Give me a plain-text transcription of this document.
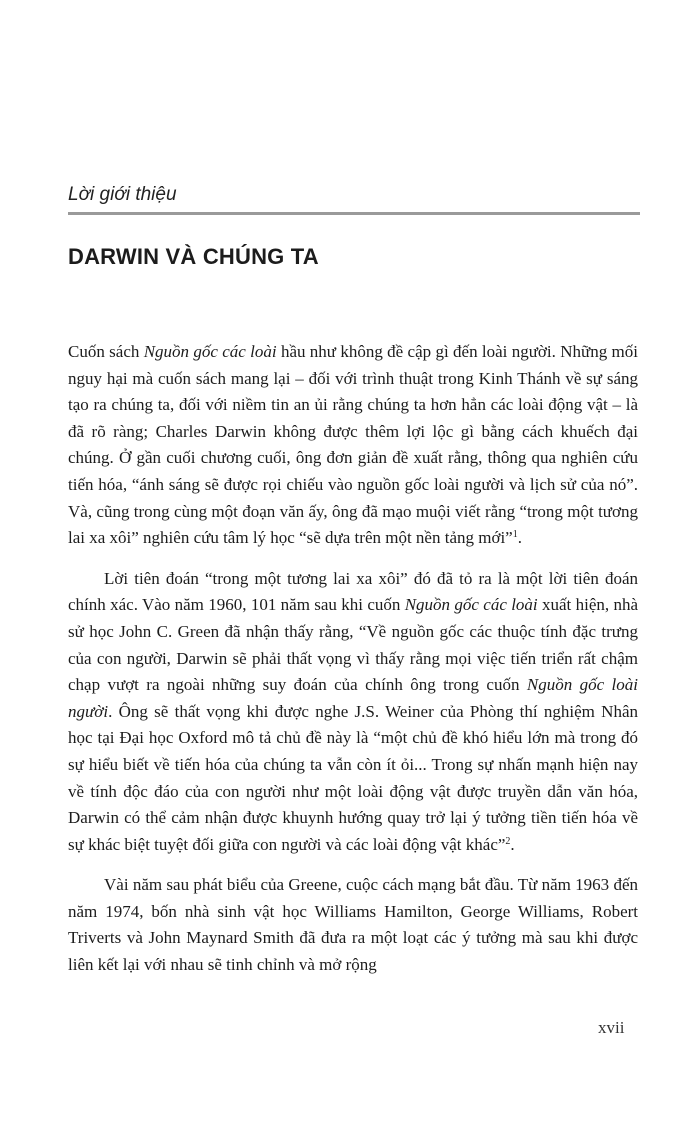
Lời giới thiệu
DARWIN VÀ CHÚNG TA

Cuốn sách Nguồn gốc các loài hầu như không đề cập gì đến loài người. Những mối nguy hại mà cuốn sách mang lại – đối với trình thuật trong Kinh Thánh về sự sáng tạo ra chúng ta, đối với niềm tin an ủi rằng chúng ta hơn hẳn các loài động vật – là đã rõ ràng; Charles Darwin không được thêm lợi lộc gì bằng cách khuếch đại chúng. Ở gần cuối chương cuối, ông đơn giản đề xuất rằng, thông qua nghiên cứu tiến hóa, “ánh sáng sẽ được rọi chiếu vào nguồn gốc loài người và lịch sử của nó”. Và, cũng trong cùng một đoạn văn ấy, ông đã mạo muội viết rằng “trong một tương lai xa xôi” nghiên cứu tâm lý học “sẽ dựa trên một nền tảng mới”$^1$.

Lời tiên đoán “trong một tương lai xa xôi” đó đã tỏ ra là một lời tiên đoán chính xác. Vào năm 1960, 101 năm sau khi cuốn Nguồn gốc các loài xuất hiện, nhà sử học John C. Green đã nhận thấy rằng, “Về nguồn gốc các thuộc tính đặc trưng của con người, Darwin sẽ phải thất vọng vì thấy rằng mọi việc tiến triển rất chậm chạp vượt ra ngoài những suy đoán của chính ông trong cuốn Nguồn gốc loài người. Ông sẽ thất vọng khi được nghe J.S. Weiner của Phòng thí nghiệm Nhân học tại Đại học Oxford mô tả chủ đề này là “một chủ đề khó hiểu lớn mà trong đó sự hiểu biết về tiến hóa của chúng ta vẫn còn ít ỏi... Trong sự nhấn mạnh hiện nay về tính độc đáo của con người như một loài động vật được truyền dẫn văn hóa, Darwin có thể cảm nhận được khuynh hướng quay trở lại ý tưởng tiền tiến hóa về sự khác biệt tuyệt đối giữa con người và các loài động vật khác”$^2$.

Vài năm sau phát biểu của Greene, cuộc cách mạng bắt đầu. Từ năm 1963 đến năm 1974, bốn nhà sinh vật học Williams Hamilton, George Williams, Robert Triverts và John Maynard Smith đã đưa ra một loạt các ý tưởng mà sau khi được liên kết lại với nhau sẽ tinh chỉnh và mở rộng

xvii
